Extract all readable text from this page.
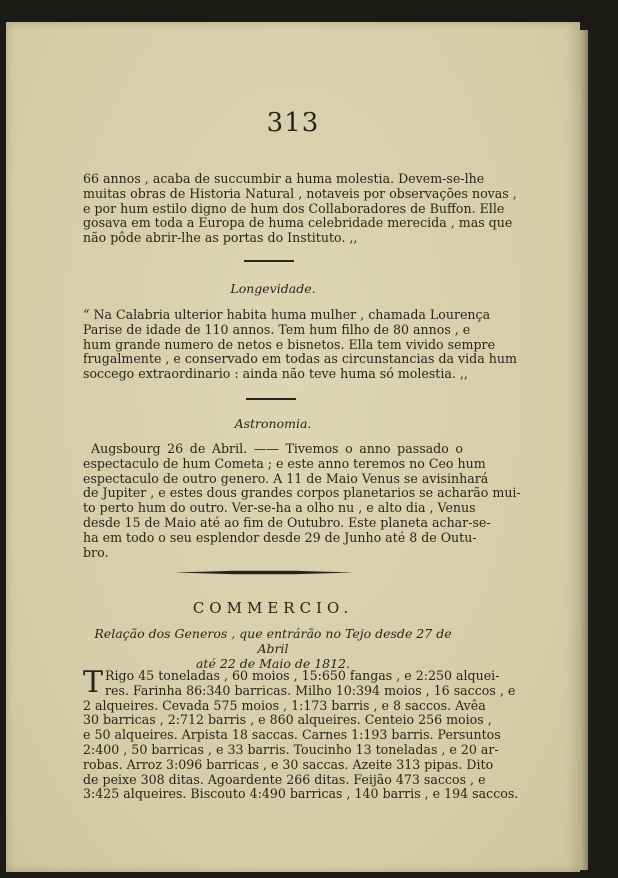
313
66 annos , acaba de succumbir a huma molestia. Devem-se-lhe
muitas obras de Historia Natural , notaveis por observações novas ,
e por hum estilo digno de hum dos Collaboradores de Buffon. Elle
gosava em toda a Europa de huma celebridade merecida , mas que
não pôde abrir-lhe as portas do Instituto. ,,
Longevidade.
“ Na Calabria ulterior habita huma mulher , chamada Lourença
Parise de idade de 110 annos. Tem hum filho de 80 annos , e
hum grande numero de netos e bisnetos. Ella tem vivido sempre
frugalmente , e conservado em todas as circunstancias da vida hum
soccego extraordinario : ainda não teve huma só molestia. ,,
Astronomia.
Augsbourg 26 de Abril. —— Tivemos o anno passado o
espectaculo de hum Cometa ; e este anno teremos no Ceo hum
espectaculo de outro genero. A 11 de Maio Venus se avisinhará
de Jupiter , e estes dous grandes corpos planetarios se acharão mui-
to perto hum do outro. Ver-se-ha a olho nu , e alto dia , Venus
desde 15 de Maio até ao fim de Outubro. Este planeta achar-se-
ha em todo o seu esplendor desde 29 de Junho até 8 de Outu-
bro.
COMMERCIO.
Relação dos Generos , que entrárão no Tejo desde 27 de Abril
até 22 de Maio de 1812.
T Rigo 45 toneladas , 60 moios , 15:650 fangas , e 2:250 alquei-
res. Farinha 86:340 barricas. Milho 10:394 moios , 16 saccos , e
2 alqueires. Cevada 575 moios , 1:173 barris , e 8 saccos. Avêa
30 barricas , 2:712 barris , e 860 alqueires. Centeio 256 moios ,
e 50 alqueires. Arpista 18 saccas. Carnes 1:193 barris. Persuntos
2:400 , 50 barricas , e 33 barris. Toucinho 13 toneladas , e 20 ar-
robas. Arroz 3:096 barricas , e 30 saccas. Azeite 313 pipas. Dito
de peixe 308 ditas. Agoardente 266 ditas. Feijão 473 saccos , e
3:425 alqueires. Biscouto 4:490 barricas , 140 barris , e 194 saccos.
